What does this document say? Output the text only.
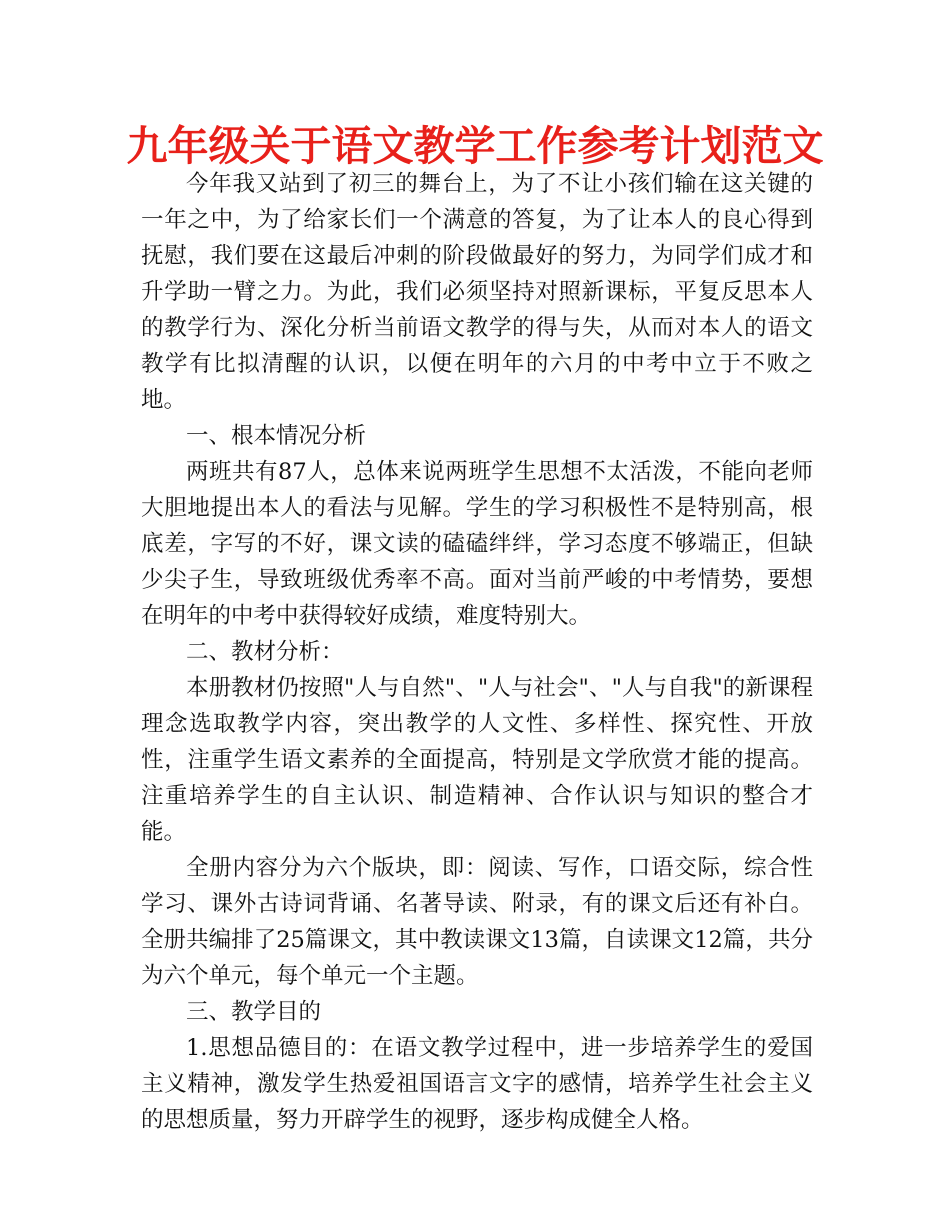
九年级关于语文教学工作参考计划范文

今年我又站到了初三的舞台上，为了不让小孩们输在这关键的一年之中，为了给家长们一个满意的答复，为了让本人的良心得到抚慰，我们要在这最后冲刺的阶段做最好的努力，为同学们成才和升学助一臂之力。为此，我们必须坚持对照新课标，平复反思本人的教学行为、深化分析当前语文教学的得与失，从而对本人的语文教学有比拟清醒的认识，以便在明年的六月的中考中立于不败之地。

一、根本情况分析

两班共有87人，总体来说两班学生思想不太活泼，不能向老师大胆地提出本人的看法与见解。学生的学习积极性不是特别高，根底差，字写的不好，课文读的磕磕绊绊，学习态度不够端正，但缺少尖子生，导致班级优秀率不高。面对当前严峻的中考情势，要想在明年的中考中获得较好成绩，难度特别大。

二、教材分析：

本册教材仍按照"人与自然"、"人与社会"、"人与自我"的新课程理念选取教学内容，突出教学的人文性、多样性、探究性、开放性，注重学生语文素养的全面提高，特别是文学欣赏才能的提高。注重培养学生的自主认识、制造精神、合作认识与知识的整合才能。

全册内容分为六个版块，即：阅读、写作，口语交际，综合性学习、课外古诗词背诵、名著导读、附录，有的课文后还有补白。全册共编排了25篇课文，其中教读课文13篇，自读课文12篇，共分为六个单元，每个单元一个主题。

三、教学目的

1.思想品德目的：在语文教学过程中，进一步培养学生的爱国主义精神，激发学生热爱祖国语言文字的感情，培养学生社会主义的思想质量，努力开辟学生的视野，逐步构成健全人格。
